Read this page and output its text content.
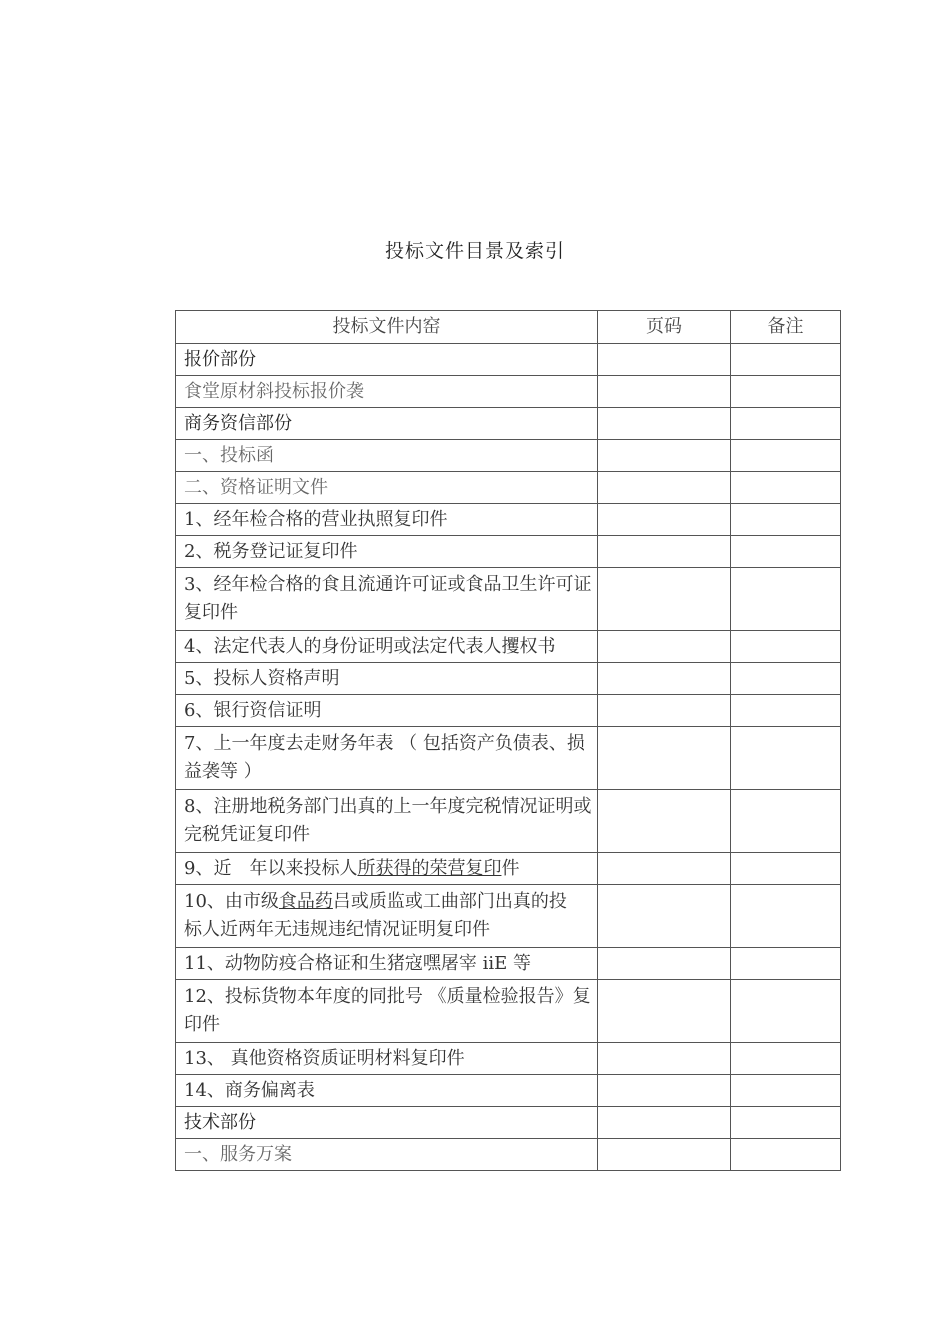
投标文件目景及索引
投标文件内窑	页码	备注
报价部份		
食堂原材斜投标报价袭		
商务资信部份		
一、投标函		
二、资格证明文件		
1、经年检合格的营业执照复印件		
2、税务登记证复印件		
3、经年检合格的食且流通许可证或食品卫生许可证复印件		
4、法定代表人的身份证明或法定代表人攫权书		
5、投标人资格声明		
6、银行资信证明		
7、上一年度去走财务年表 （ 包括资产负债表、损益袭等 ）		
8、注册地税务部门出真的上一年度完税情况证明或完税凭证复印件		
9、近　年以来投标人所获得的荣营复印件		
10、由市级食品药吕或质监或工曲部门出真的投　标人近两年无违规违纪情况证明复印件		
11、动物防疫合格证和生猪寇嘿屠宰 iiE 等		
12、投标货物本年度的同批号 《质量检验报告》复印件		
13、 真他资格资质证明材料复印件		
14、商务偏离表		
技术部份		
一、服务万案		
